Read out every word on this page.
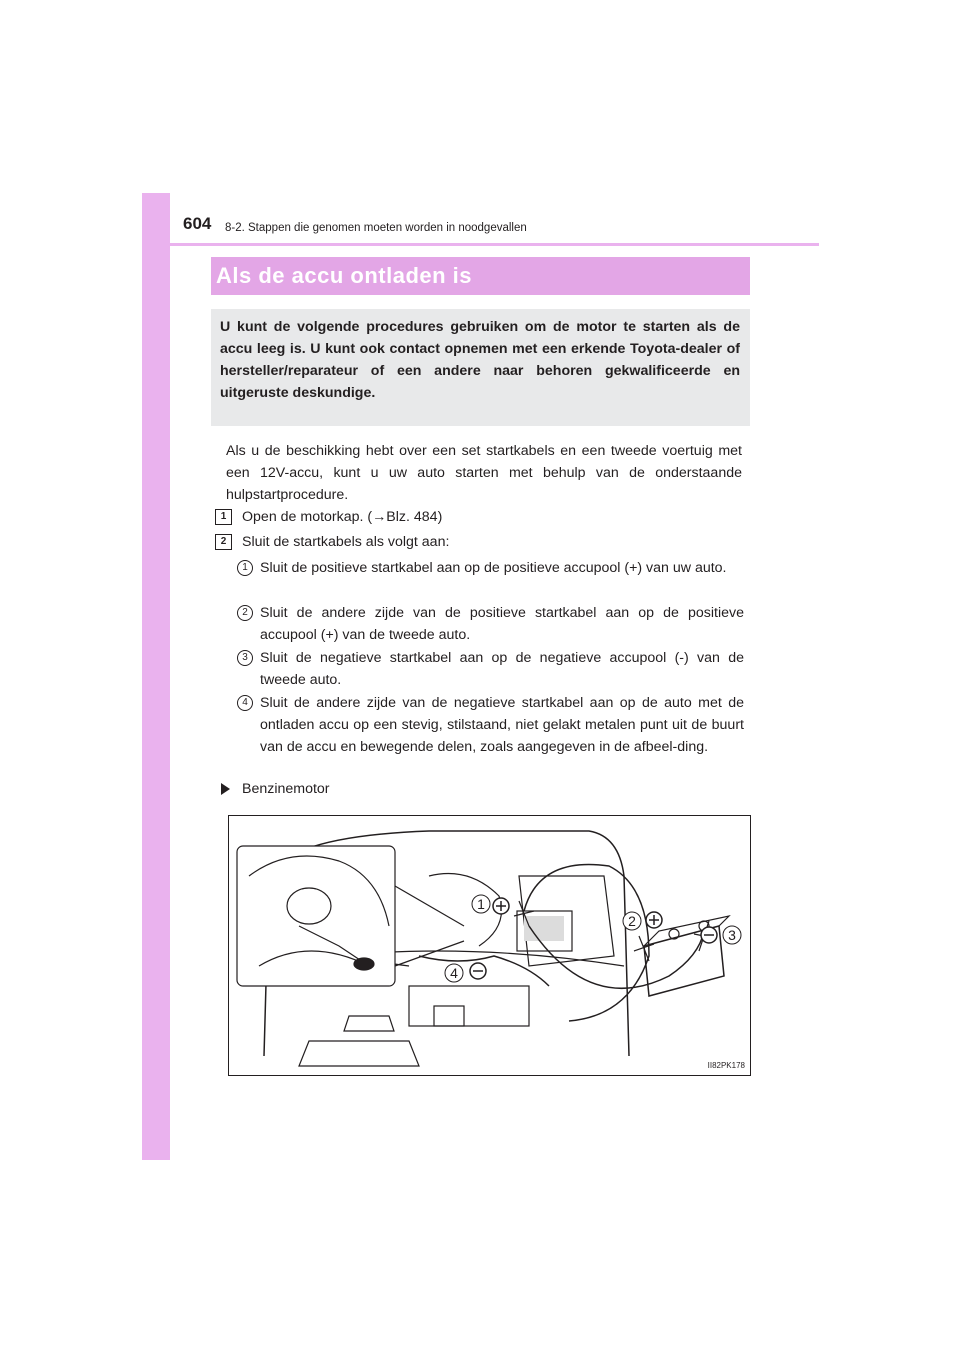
604 8-2. Stappen die genomen moeten worden in noodgevallen
Als de accu ontladen is

U kunt de volgende procedures gebruiken om de motor te starten als de accu leeg is. U kunt ook contact opnemen met een erkende Toyota-dealer of hersteller/reparateur of een andere naar behoren gekwalificeerde en uitgeruste deskundige.

Als u de beschikking hebt over een set startkabels en een tweede voertuig met een 12V-accu, kunt u uw auto starten met behulp van de onderstaande hulpstartprocedure.

1	Open de motorkap. (→Blz. 484)
2	Sluit de startkabels als volgt aan:
1 Sluit de positieve startkabel aan op de positieve accupool (+) van uw auto.

2 Sluit de andere zijde van de positieve startkabel aan op de positieve accupool (+) van de tweede auto.

3 Sluit de negatieve startkabel aan op de negatieve accupool (-) van de tweede auto.

4 Sluit de andere zijde van de negatieve startkabel aan op de auto met de ontladen accu op een stevig, stilstaand, niet gelakt metalen punt uit de buurt van de accu en bewegende delen, zoals aangegeven in de afbeel-ding.

Benzinemotor
1
2
3
4
II82PK178
